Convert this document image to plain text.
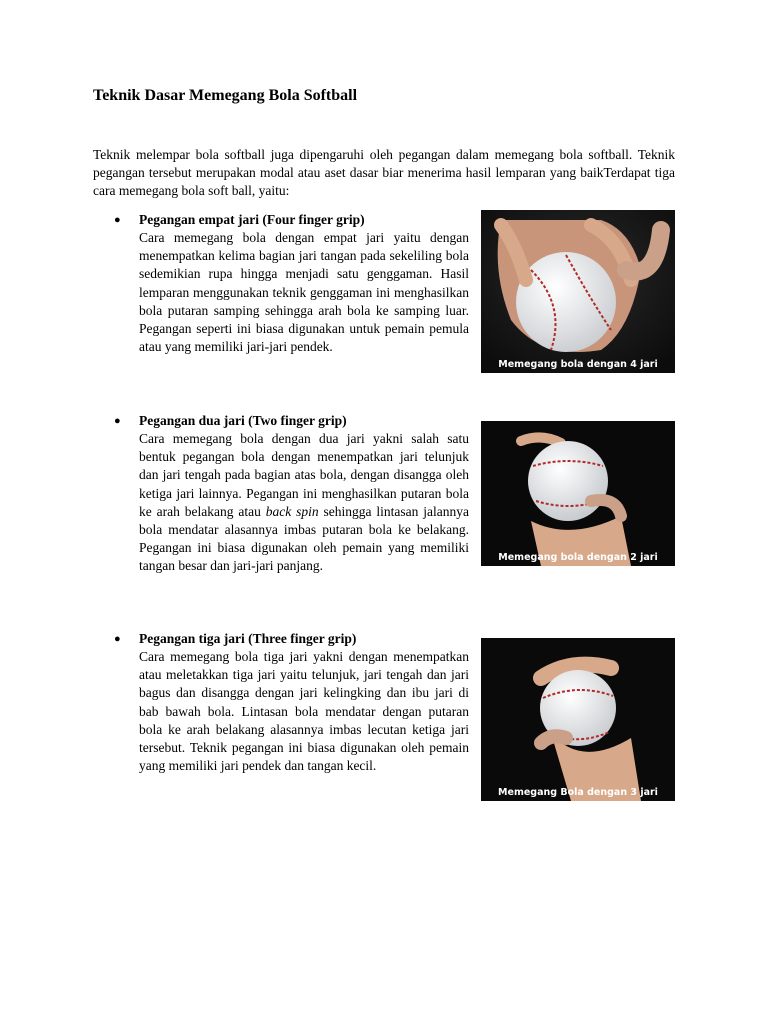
Teknik Dasar Memegang Bola Softball

Teknik melempar bola softball juga dipengaruhi oleh pegangan dalam memegang bola softball. Teknik pegangan tersebut merupakan modal atau aset dasar biar menerima hasil lemparan yang baikTerdapat tiga cara memegang bola soft ball, yaitu:

● Pegangan empat jari (Four finger grip)

Cara memegang bola dengan empat jari yaitu dengan menempatkan kelima bagian jari tangan pada sekeliling bola sedemikian rupa hingga menjadi satu genggaman. Hasil lemparan menggunakan teknik genggaman ini menghasilkan bola putaran samping sehingga arah bola ke samping luar. Pegangan seperti ini biasa digunakan untuk pemain pemula atau yang memiliki jari-jari pendek.

Memegang bola dengan 4 jari
● Pegangan dua jari (Two finger grip)

Cara memegang bola dengan dua jari yakni salah satu bentuk pegangan bola dengan menempatkan jari telunjuk dan jari tengah pada bagian atas bola, dengan disangga oleh ketiga jari lainnya. Pegangan ini menghasilkan putaran bola ke arah belakang atau back spin sehingga lintasan jalannya bola mendatar alasannya imbas putaran bola ke belakang. Pegangan ini biasa digunakan oleh pemain yang memiliki tangan besar dan jari-jari panjang.

Memegang bola dengan 2 jari
● Pegangan tiga jari (Three finger grip)

Cara memegang bola tiga jari yakni dengan menempatkan atau meletakkan tiga jari yaitu telunjuk, jari tengah dan jari bagus dan disangga dengan jari kelingking dan ibu jari di bab bawah bola. Lintasan bola mendatar dengan putaran bola ke arah belakang alasannya imbas lecutan ketiga jari tersebut. Teknik pegangan ini biasa digunakan oleh pemain yang memiliki jari pendek dan tangan kecil.

Memegang Bola dengan 3 jari
